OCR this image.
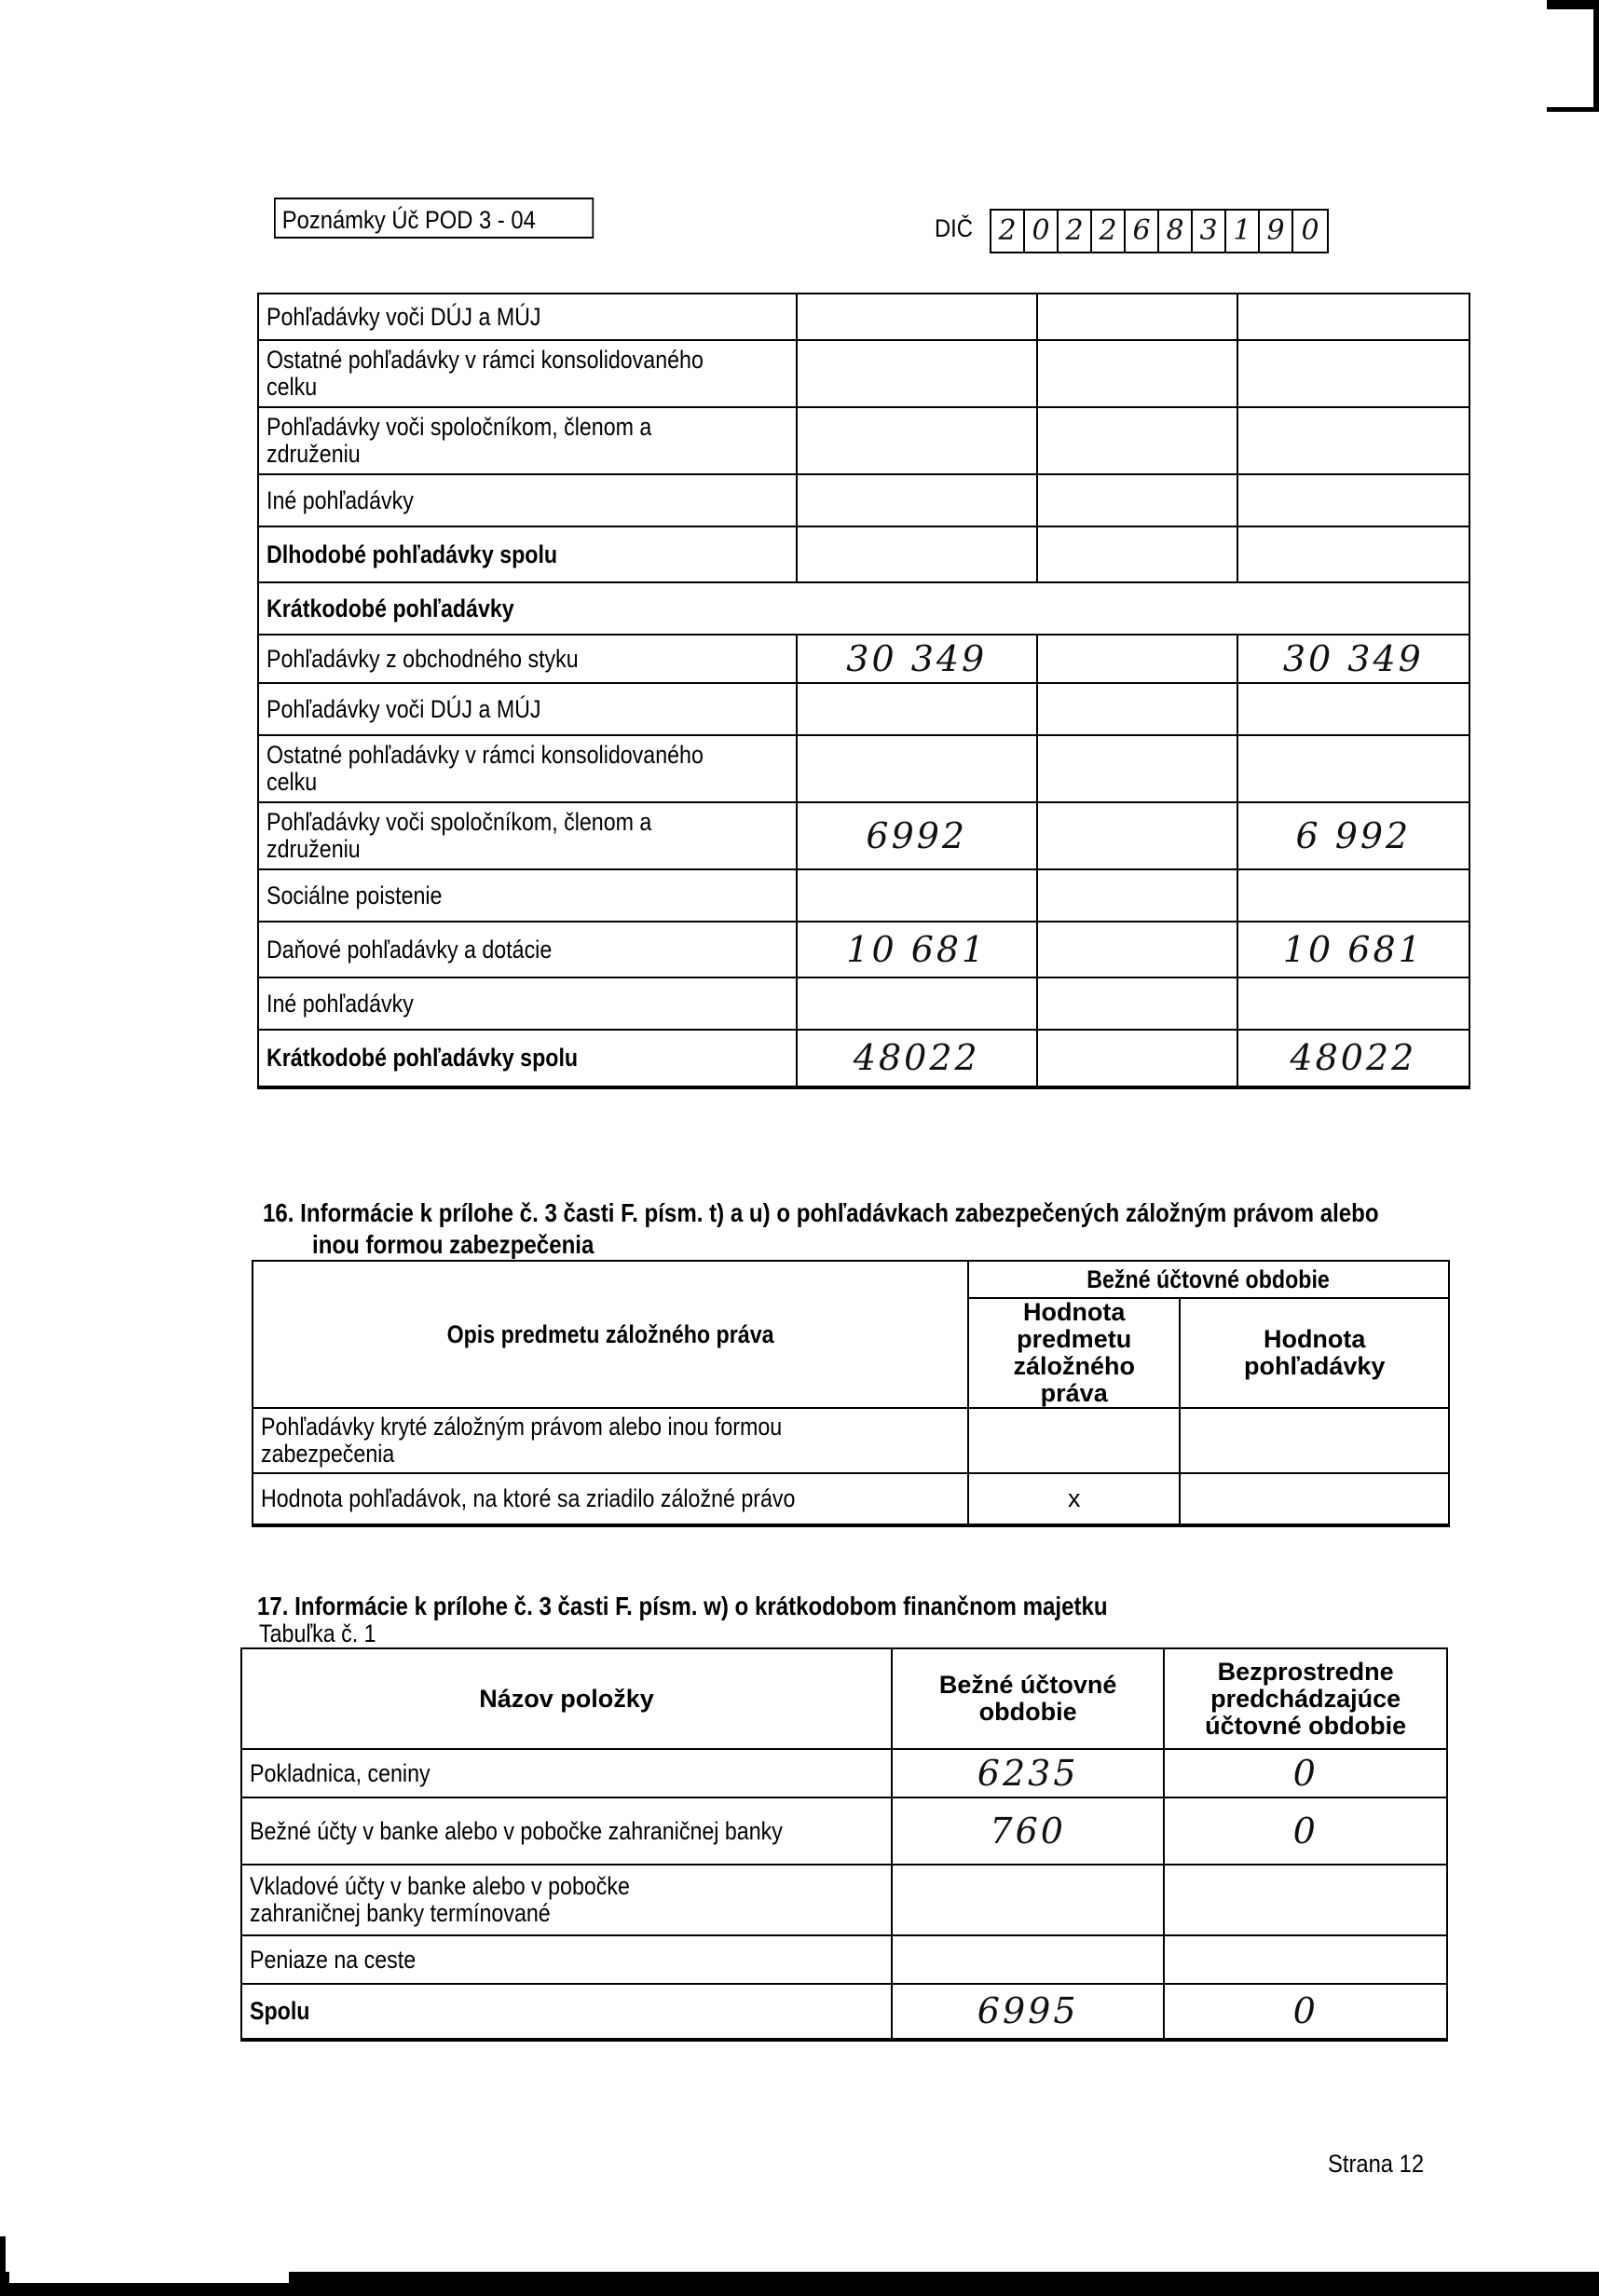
Poznámky Úč POD 3 - 04	DIČ 2 0 2 2 6 8 3 1 9 0
Pohľadávky voči DÚJ a MÚJ			
Ostatné pohľadávky v rámci konsolidovaného celku			
Pohľadávky voči spoločníkom, členom a združeniu			
Iné pohľadávky			
Dlhodobé pohľadávky spolu			
Krátkodobé pohľadávky			
Pohľadávky z obchodného styku	30 349		30 349
Pohľadávky voči DÚJ a MÚJ			
Ostatné pohľadávky v rámci konsolidovaného celku			
Pohľadávky voči spoločníkom, členom a združeniu	6992		6 992
Sociálne poistenie			
Daňové pohľadávky a dotácie	10 681		10 681
Iné pohľadávky			
Krátkodobé pohľadávky spolu	48022		48022
16. Informácie k prílohe č. 3 časti F. písm. t) a u) o pohľadávkach zabezpečených záložným právom alebo
inou formou zabezpečenia
Opis predmetu záložného práva	Bežné účtovné obdobie	
	Hodnota predmetu záložného práva	Hodnota pohľadávky
Pohľadávky kryté záložným právom alebo inou formou zabezpečenia		
Hodnota pohľadávok, na ktoré sa zriadilo záložné právo	x	
17. Informácie k prílohe č. 3 časti F. písm. w) o krátkodobom finančnom majetku
Tabuľka č. 1
Názov položky	Bežné účtovné obdobie	Bezprostredne predchádzajúce účtovné obdobie
Pokladnica, ceniny	6235	0
Bežné účty v banke alebo v pobočke zahraničnej banky	760	0
Vkladové účty v banke alebo v pobočke zahraničnej banky termínované		
Peniaze na ceste		
Spolu	6995	0
Strana 12
